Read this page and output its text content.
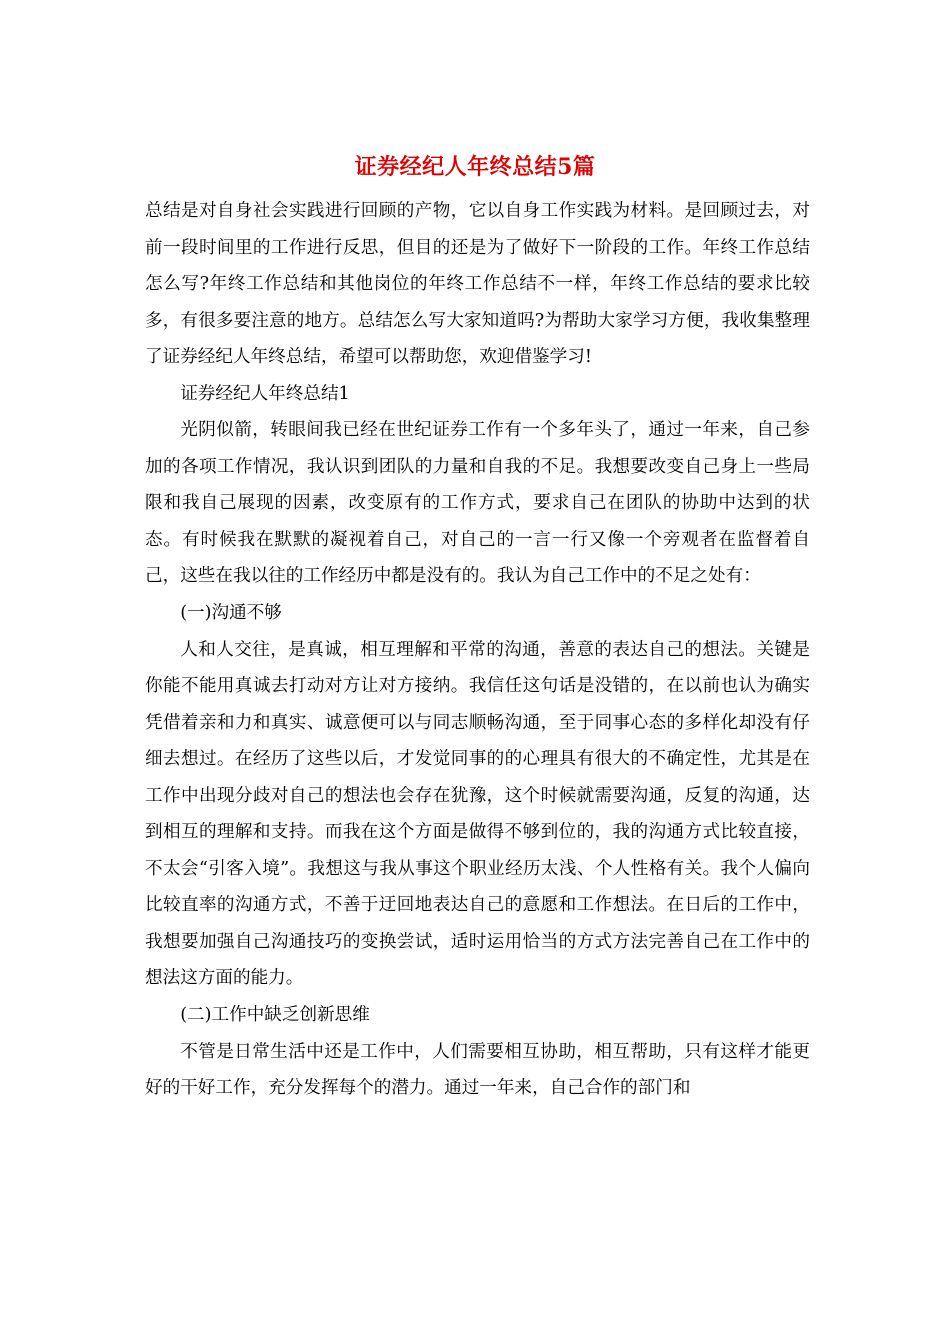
证券经纪人年终总结5篇

总结是对自身社会实践进行回顾的产物，它以自身工作实践为材料。是回顾过去，对前一段时间里的工作进行反思，但目的还是为了做好下一阶段的工作。年终工作总结怎么写?年终工作总结和其他岗位的年终工作总结不一样，年终工作总结的要求比较多，有很多要注意的地方。总结怎么写大家知道吗?为帮助大家学习方便，我收集整理了证券经纪人年终总结，希望可以帮助您，欢迎借鉴学习!

证券经纪人年终总结1

光阴似箭，转眼间我已经在世纪证券工作有一个多年头了，通过一年来，自己参加的各项工作情况，我认识到团队的力量和自我的不足。我想要改变自己身上一些局限和我自己展现的因素，改变原有的工作方式，要求自己在团队的协助中达到的状态。有时候我在默默的凝视着自己，对自己的一言一行又像一个旁观者在监督着自己，这些在我以往的工作经历中都是没有的。我认为自己工作中的不足之处有：

(一)沟通不够

人和人交往，是真诚，相互理解和平常的沟通，善意的表达自己的想法。关键是你能不能用真诚去打动对方让对方接纳。我信任这句话是没错的，在以前也认为确实凭借着亲和力和真实、诚意便可以与同志顺畅沟通，至于同事心态的多样化却没有仔细去想过。在经历了这些以后，才发觉同事的的心理具有很大的不确定性，尤其是在工作中出现分歧对自己的想法也会存在犹豫，这个时候就需要沟通，反复的沟通，达到相互的理解和支持。而我在这个方面是做得不够到位的，我的沟通方式比较直接，不太会“引客入境”。我想这与我从事这个职业经历太浅、个人性格有关。我个人偏向比较直率的沟通方式，不善于迂回地表达自己的意愿和工作想法。在日后的工作中，我想要加强自己沟通技巧的变换尝试，适时运用恰当的方式方法完善自己在工作中的想法这方面的能力。

(二)工作中缺乏创新思维

不管是日常生活中还是工作中，人们需要相互协助，相互帮助，只有这样才能更好的干好工作，充分发挥每个的潜力。通过一年来，自己合作的部门和
